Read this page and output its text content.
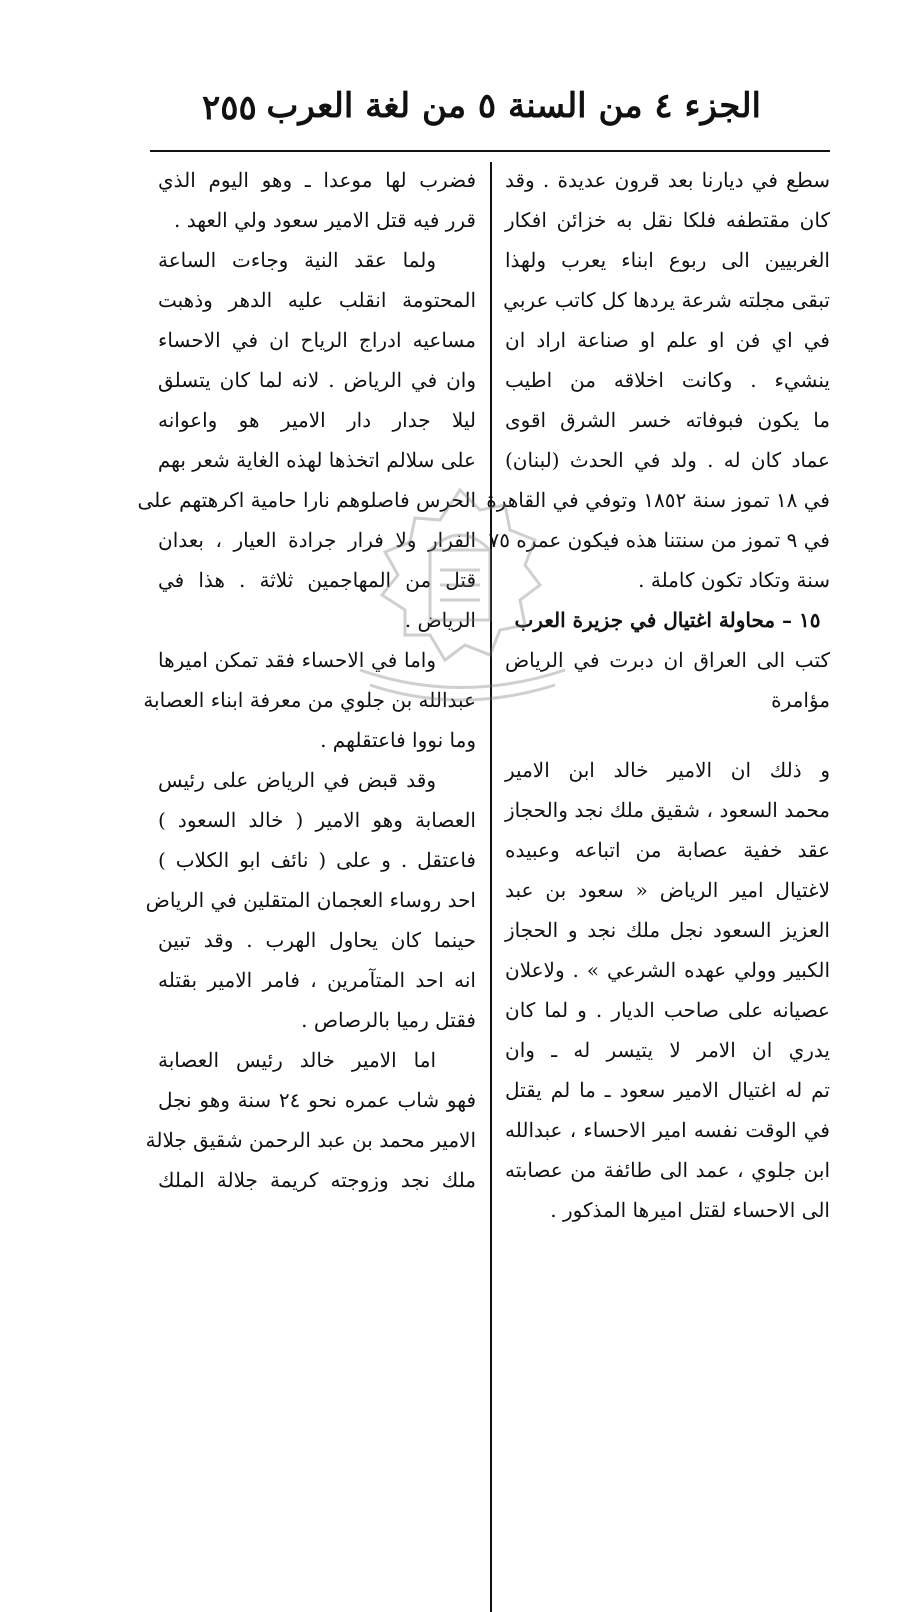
٢٥٥ الجزء ٤ من السنة ٥ من لغة العرب
سطع في ديارنا بعد قرون عديدة . وقد
كان مقتطفه فلكا نقل به خزائن افكار
الغربيين الى ربوع ابناء يعرب ولهذا
تبقى مجلته شرعة يردها كل كاتب عربي
في اي فن او علم او صناعة اراد ان
ينشيء . وكانت اخلاقه من اطيب
ما يكون فبوفاته خسر الشرق اقوى
عماد كان له . ولد في الحدث (لبنان)
في ١٨ تموز سنة ١٨٥٢ وتوفي في القاهرة
في ٩ تموز من سنتنا هذه فيكون عمره ٧٥
سنة وتكاد تكون كاملة .
١٥ – محاولة اغتيال في جزيرة العرب
كتب الى العراق ان دبرت في الرياض
مؤامرة
و ذلك ان الامير خالد ابن الامير
محمد السعود ، شقيق ملك نجد والحجاز
عقد خفية عصابة من اتباعه وعبيده
لاغتيال امير الرياض « سعود بن عبد
العزيز السعود نجل ملك نجد و الحجاز
الكبير وولي عهده الشرعي » . ولاعلان
عصيانه على صاحب الديار . و لما كان
يدري ان الامر لا يتيسر له ـ وان
تم له اغتيال الامير سعود ـ ما لم يقتل
في الوقت نفسه امير الاحساء ، عبدالله
ابن جلوي ، عمد الى طائفة من عصابته
الى الاحساء لقتل اميرها المذكور .
فضرب لها موعدا ـ وهو اليوم الذي
قرر فيه قتل الامير سعود ولي العهد .
ولما عقد النية وجاءت الساعة
المحتومة انقلب عليه الدهر وذهبت
مساعيه ادراج الرياح ان في الاحساء
وان في الرياض . لانه لما كان يتسلق
ليلا جدار دار الامير هو واعوانه
على سلالم اتخذها لهذه الغاية شعر بهم
الحرس فاصلوهم نارا حامية اكرهتهم على
الفرار ولا فرار جرادة العيار ، بعدان
قتل من المهاجمين ثلاثة . هذا في
الرياض .
واما في الاحساء فقد تمكن اميرها
عبدالله بن جلوي من معرفة ابناء العصابة
وما نووا فاعتقلهم .
وقد قبض في الرياض على رئيس
العصابة وهو الامير ( خالد السعود )
فاعتقل . و على ( نائف ابو الكلاب )
احد روساء العجمان المتقلين في الرياض
حينما كان يحاول الهرب . وقد تبين
انه احد المتآمرين ، فامر الامير بقتله
فقتل رميا بالرصاص .
اما الامير خالد رئيس العصابة
فهو شاب عمره نحو ٢٤ سنة وهو نجل
الامير محمد بن عبد الرحمن شقيق جلالة
ملك نجد وزوجته كريمة جلالة الملك
